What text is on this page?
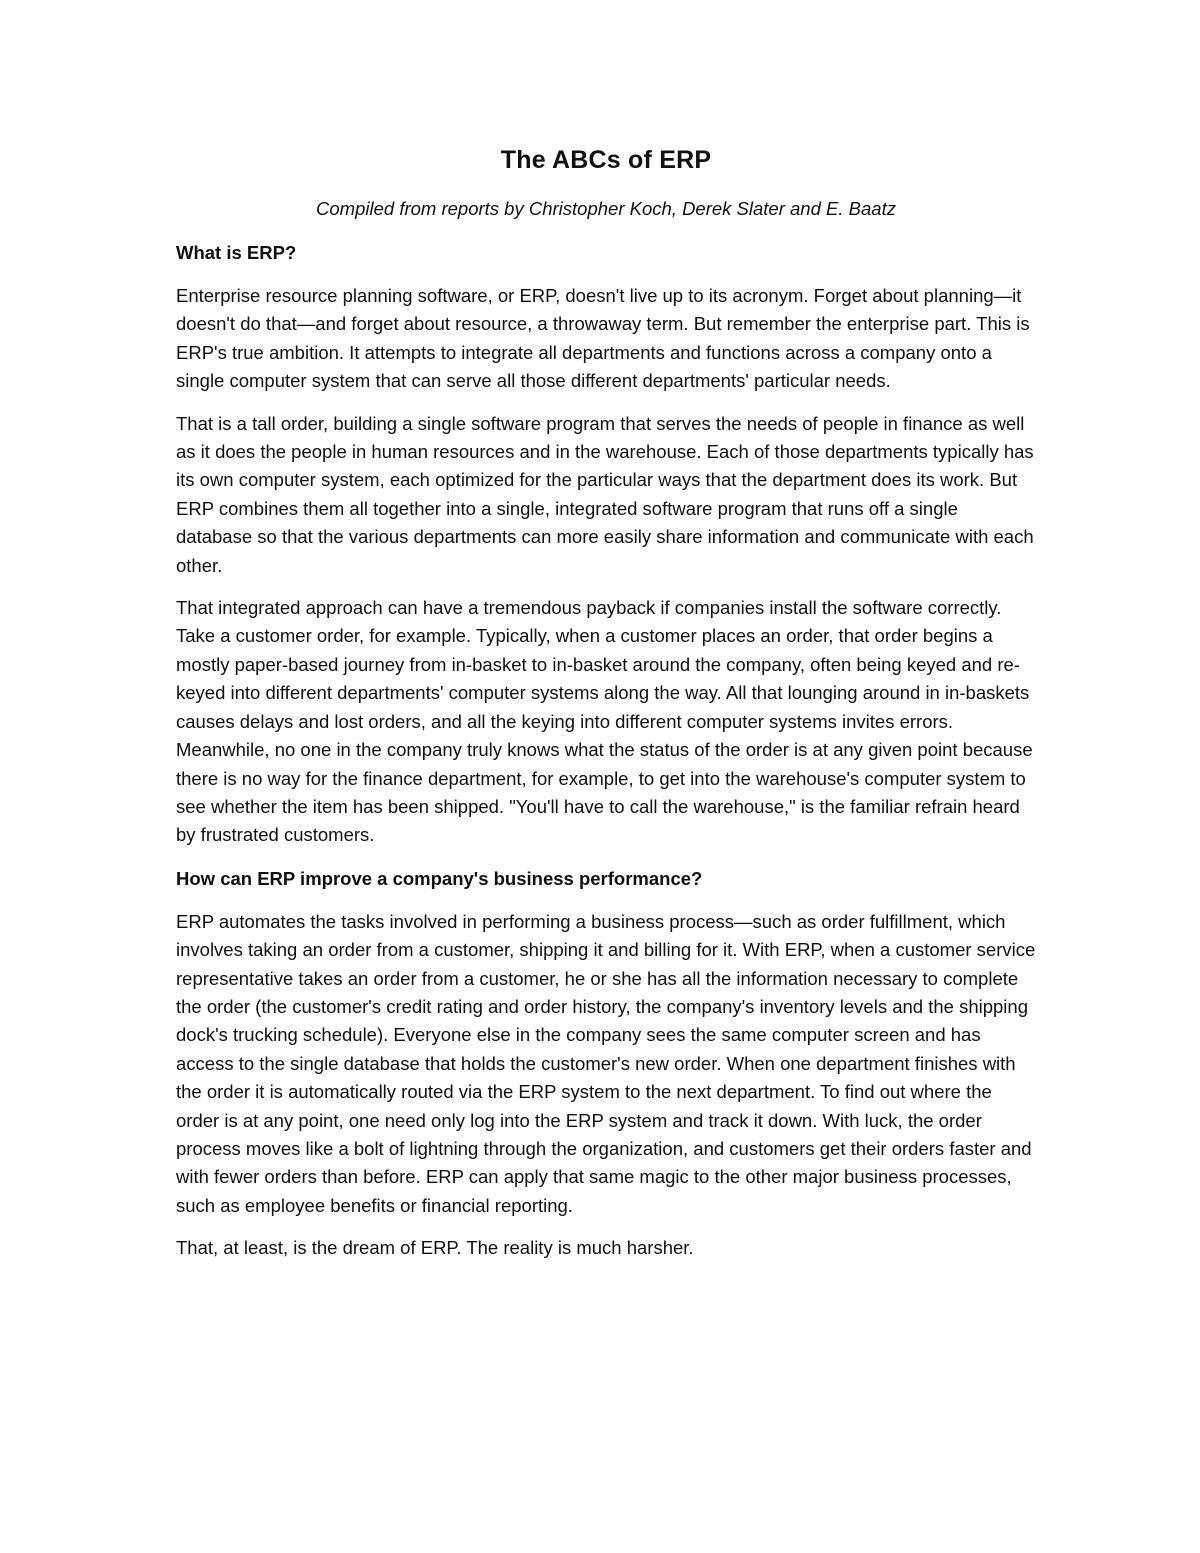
The ABCs of ERP

Compiled from reports by Christopher Koch, Derek Slater and E. Baatz

What is ERP?

Enterprise resource planning software, or ERP, doesn't live up to its acronym. Forget about planning—it doesn't do that—and forget about resource, a throwaway term. But remember the enterprise part. This is ERP's true ambition. It attempts to integrate all departments and functions across a company onto a single computer system that can serve all those different departments' particular needs.

That is a tall order, building a single software program that serves the needs of people in finance as well as it does the people in human resources and in the warehouse. Each of those departments typically has its own computer system, each optimized for the particular ways that the department does its work. But ERP combines them all together into a single, integrated software program that runs off a single database so that the various departments can more easily share information and communicate with each other.

That integrated approach can have a tremendous payback if companies install the software correctly. Take a customer order, for example. Typically, when a customer places an order, that order begins a mostly paper-based journey from in-basket to in-basket around the company, often being keyed and re-keyed into different departments' computer systems along the way. All that lounging around in in-baskets causes delays and lost orders, and all the keying into different computer systems invites errors. Meanwhile, no one in the company truly knows what the status of the order is at any given point because there is no way for the finance department, for example, to get into the warehouse's computer system to see whether the item has been shipped. "You'll have to call the warehouse," is the familiar refrain heard by frustrated customers.

How can ERP improve a company's business performance?

ERP automates the tasks involved in performing a business process—such as order fulfillment, which involves taking an order from a customer, shipping it and billing for it. With ERP, when a customer service representative takes an order from a customer, he or she has all the information necessary to complete the order (the customer's credit rating and order history, the company's inventory levels and the shipping dock's trucking schedule). Everyone else in the company sees the same computer screen and has access to the single database that holds the customer's new order. When one department finishes with the order it is automatically routed via the ERP system to the next department. To find out where the order is at any point, one need only log into the ERP system and track it down. With luck, the order process moves like a bolt of lightning through the organization, and customers get their orders faster and with fewer orders than before. ERP can apply that same magic to the other major business processes, such as employee benefits or financial reporting.

That, at least, is the dream of ERP. The reality is much harsher.
